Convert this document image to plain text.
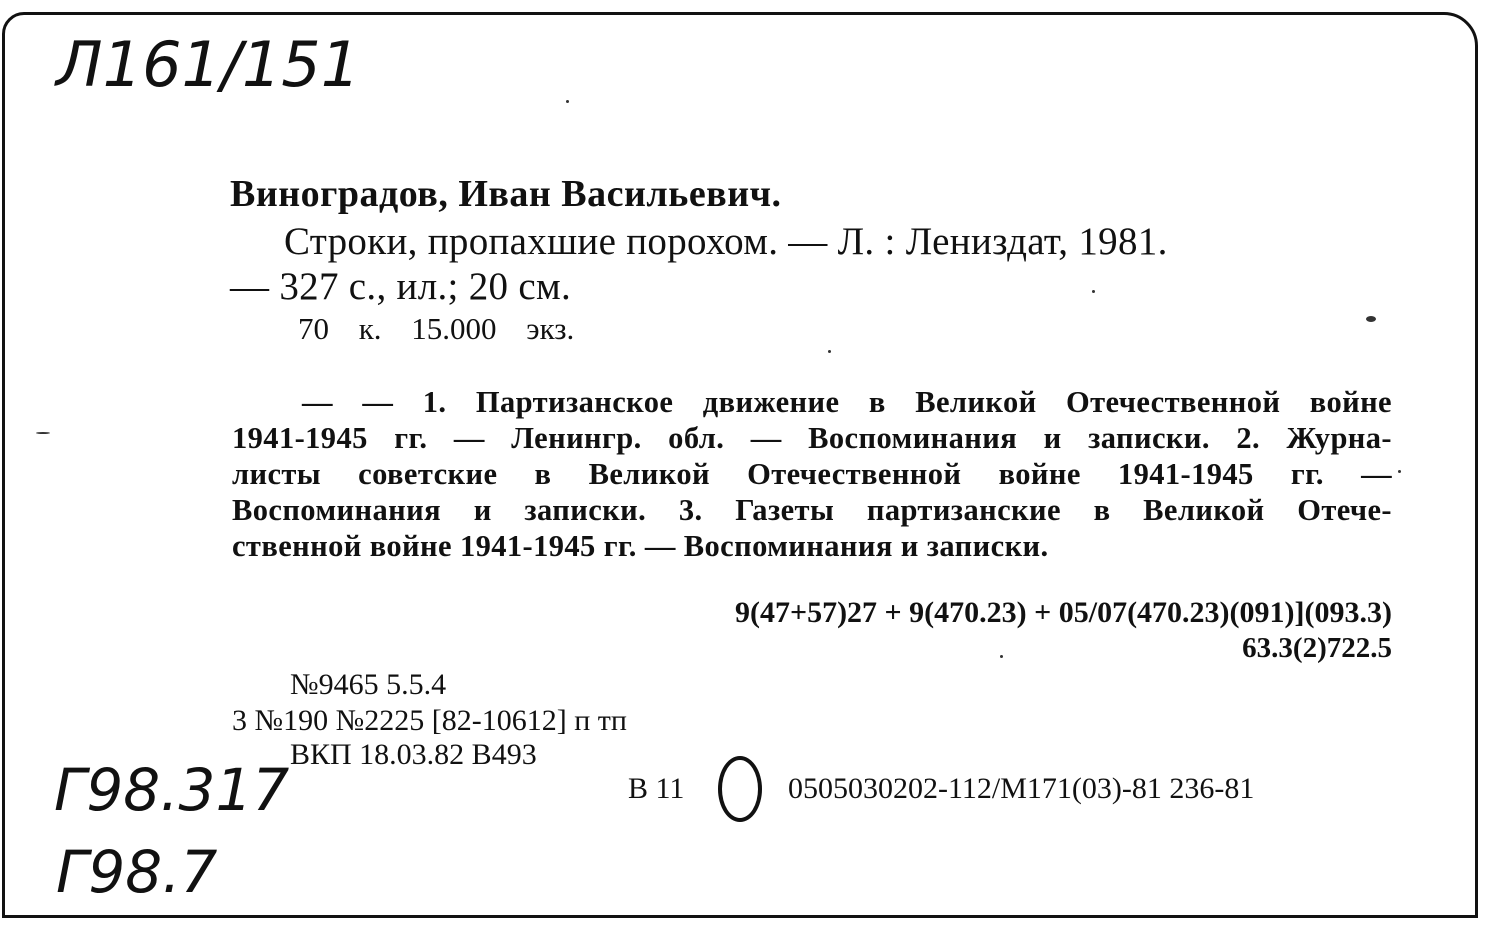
Л161/151
Виноградов, Иван Васильевич.
Строки, пропахшие порохом. — Л. : Лениздат, 1981.
— 327 с., ил.; 20 см.
70 к. 15.000 экз.
— — 1. Партизанское движение в Великой Отечественной войне
1941-1945 гг. — Ленингр. обл. — Воспоминания и записки. 2. Журна-
листы советские в Великой Отечественной войне 1941-1945 гг. —
Воспоминания и записки. 3. Газеты партизанские в Великой Отече-
ственной войне 1941-1945 гг. — Воспоминания и записки.
9(47+57)27 + 9(470.23) + 05/07(470.23)(091)](093.3)
63.3(2)722.5
№9465 5.5.4
3 №190 №2225 [82-10612] п тп
ВКП 18.03.82 В493
В 11	0505030202-112/М171(03)-81 236-81
Г98.317
Г98.7
